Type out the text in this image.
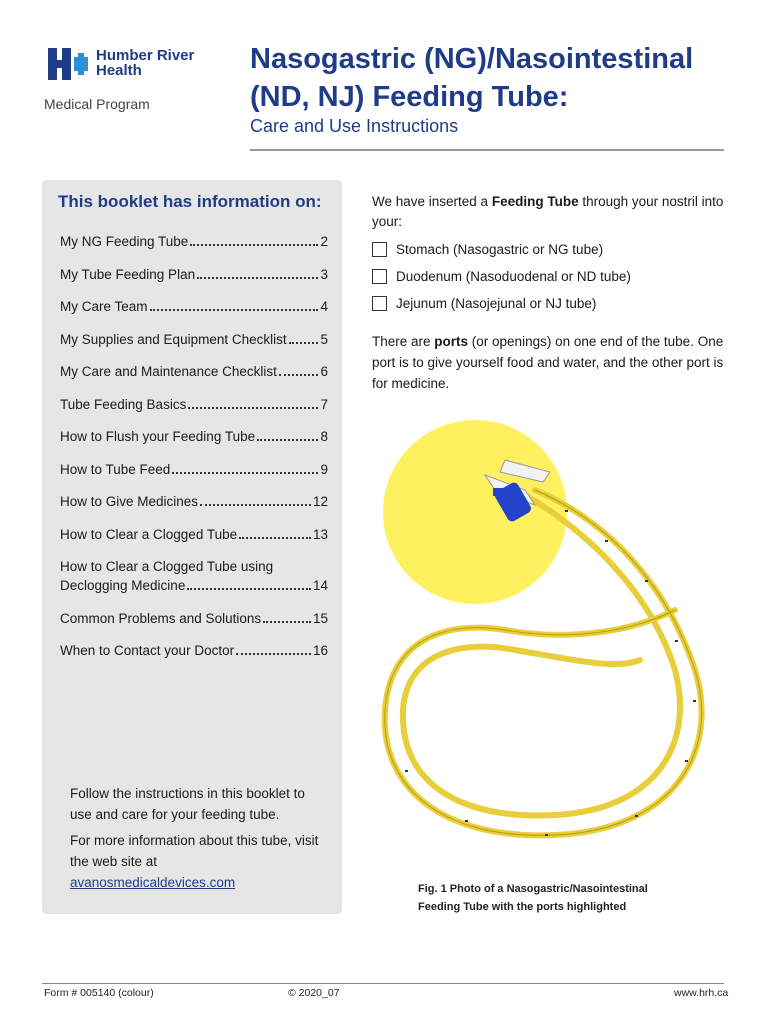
Humber River
Health
Medical Program
Nasogastric (NG)/Nasointestinal
(ND, NJ) Feeding Tube:
Care and Use Instructions
This booklet has information on:
My NG Feeding Tube	2
My Tube Feeding Plan	3
My Care Team	4
My Supplies and Equipment Checklist	5
My Care and Maintenance Checklist	6
Tube Feeding Basics	7
How to Flush your Feeding Tube	8
How to Tube Feed	9
How to Give Medicines	12
How to Clear a Clogged Tube	13
How to Clear a Clogged Tube using
Declogging Medicine	14
Common Problems and Solutions	15
When to Contact your Doctor	16
Follow the instructions in this booklet to use and care for your feeding tube.
For more information about this tube, visit the web site at
avanosmedicaldevices.com
We have inserted a Feeding Tube through your nostril into your:
Stomach (Nasogastric or NG tube)
Duodenum (Nasoduodenal or ND tube)
Jejunum (Nasojejunal or NJ tube)
There are ports (or openings) on one end of the tube. One port is to give yourself food and water, and the other port is for medicine.
Fig. 1 Photo of a Nasogastric/Nasointestinal
Feeding Tube with the ports highlighted
Form # 005140 (colour)	© 2020_07	www.hrh.ca
